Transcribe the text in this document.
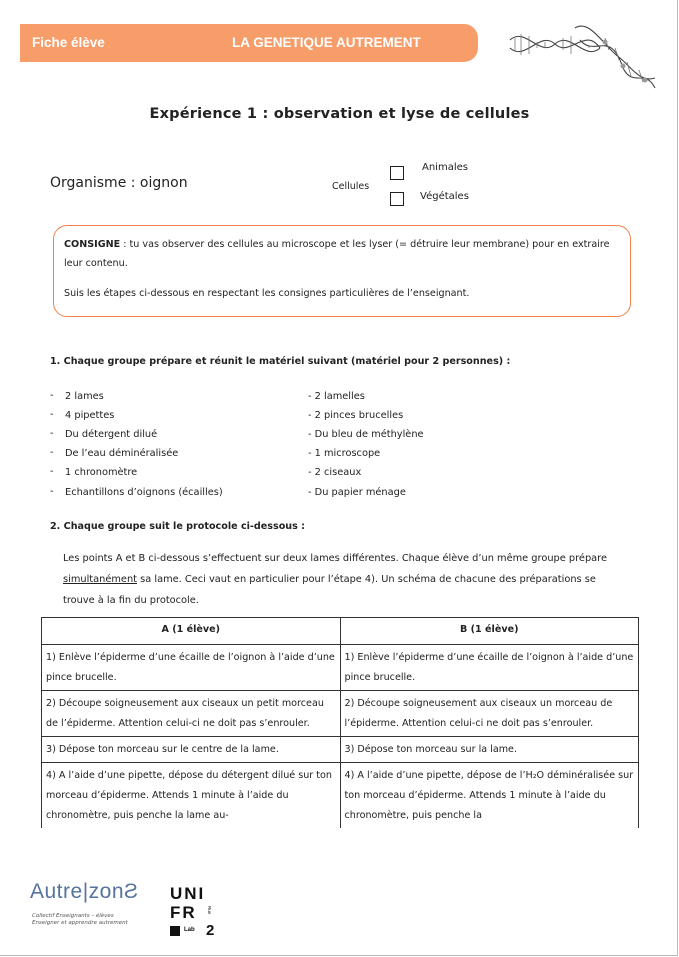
Fiche élève	LA GENETIQUE AUTREMENT
Expérience 1 : observation et lyse de cellules
Organisme : oignon	Cellules
Animales
Végétales
CONSIGNE : tu vas observer des cellules au microscope et les lyser (= détruire leur membrane) pour en extraire leur contenu.
Suis les étapes ci-dessous en respectant les consignes particulières de l’enseignant.
1. Chaque groupe prépare et réunit le matériel suivant (matériel pour 2 personnes) :
- 2 lames	- 2 lamelles
- 4 pipettes	- 2 pinces brucelles
- Du détergent dilué	- Du bleu de méthylène
- De l’eau déminéralisée	- 1 microscope
- 1 chronomètre	- 2 ciseaux
- Echantillons d’oignons (écailles)	- Du papier ménage
2. Chaque groupe suit le protocole ci-dessous :
Les points A et B ci-dessous s’effectuent sur deux lames différentes. Chaque élève d’un même groupe prépare simultanément sa lame. Ceci vaut en particulier pour l’étape 4). Un schéma de chacune des préparations se trouve à la fin du protocole.
A (1 élève)	B (1 élève)
1) Enlève l’épiderme d’une écaille de l’oignon à l’aide d’une pince brucelle.	1) Enlève l’épiderme d’une écaille de l’oignon à l’aide d’une pince brucelle.
2) Découpe soigneusement aux ciseaux un petit morceau de l’épiderme. Attention celui-ci ne doit pas s’enrouler.	2) Découpe soigneusement aux ciseaux un morceau de l’épiderme. Attention celui-ci ne doit pas s’enrouler.
3) Dépose ton morceau sur le centre de la lame.	3) Dépose ton morceau sur la lame.
4) A l’aide d’une pipette, dépose du détergent dilué sur ton morceau d’épiderme. Attends 1 minute à l’aide du chronomètre, puis penche la lame au-	4) A l’aide d’une pipette, dépose de l’H₂O déminéralisée sur ton morceau d’épiderme. Attends 1 minute à l’aide du chronomètre, puis penche la
Autre|zonƧ
Collectif Enseignants – élèves
Enseigner et apprendre autrement
UNI
FR Rue
Lab 2
